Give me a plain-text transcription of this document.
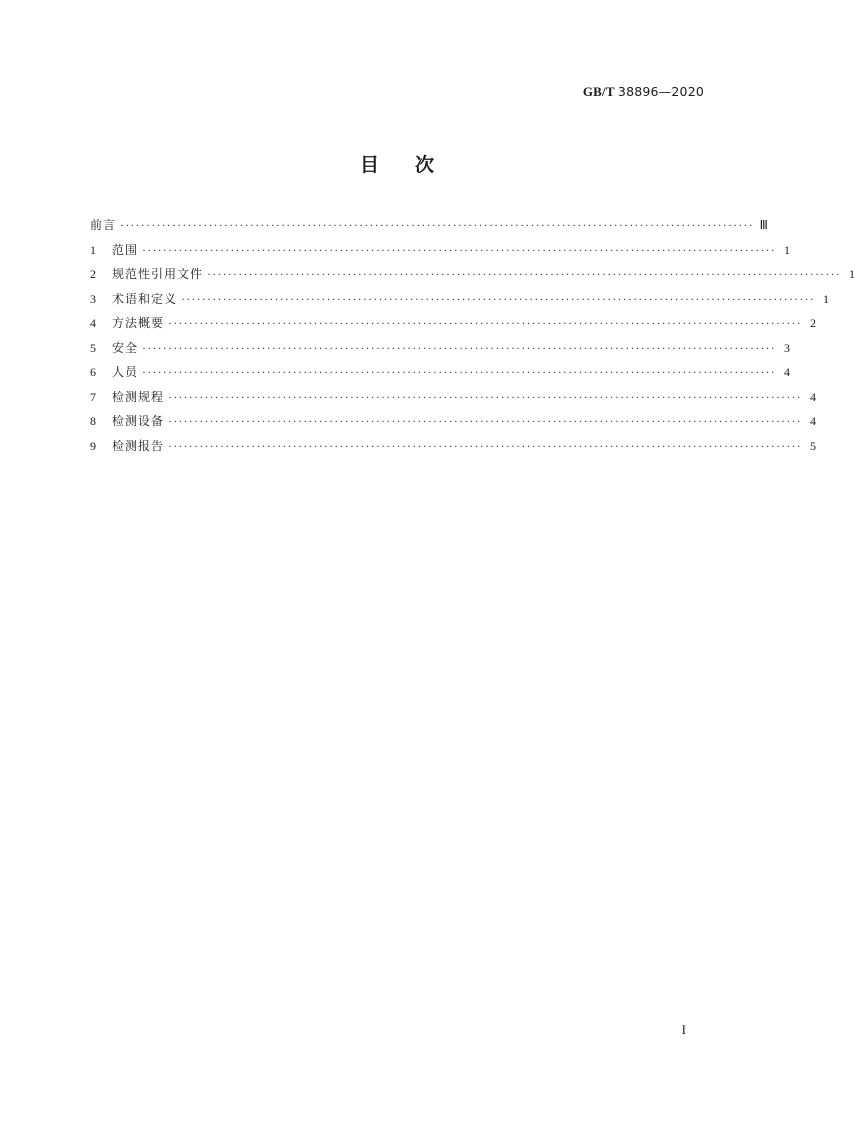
GB/T 38896—2020
目次
前言 ·························································································································· Ⅲ
1	范围 ·························································································································· 1
2	规范性引用文件 ·························································································································· 1
3	术语和定义 ·························································································································· 1
4	方法概要 ·························································································································· 2
5	安全 ·························································································································· 3
6	人员 ·························································································································· 4
7	检测规程 ·························································································································· 4
8	检测设备 ·························································································································· 4
9	检测报告 ·························································································································· 5
I
